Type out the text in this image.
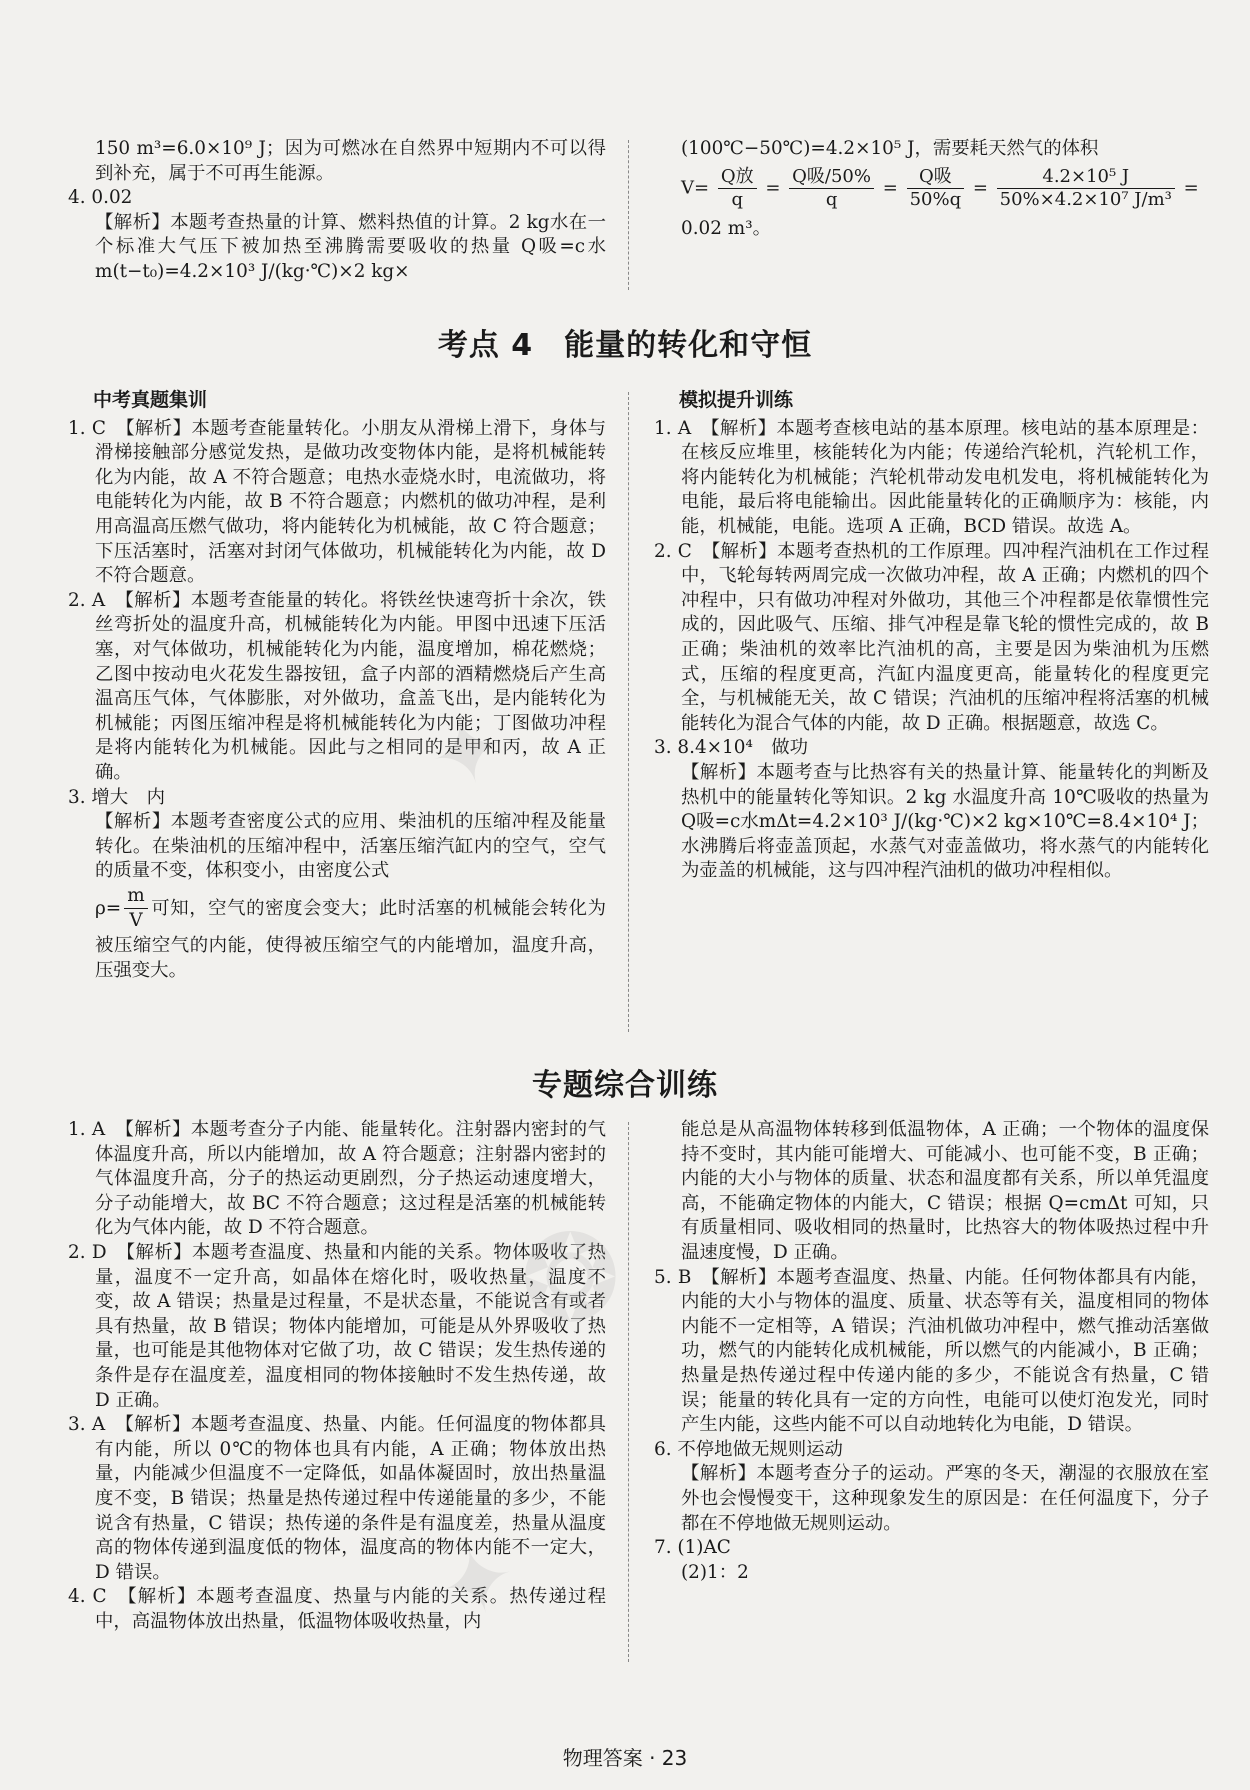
150 m³=6.0×10⁹ J；因为可燃冰在自然界中短期内不可以得到补充，属于不可再生能源。

4. 0.02

【解析】本题考查热量的计算、燃料热值的计算。2 kg水在一个标准大气压下被加热至沸腾需要吸收的热量 Q吸=c水m(t−t₀)=4.2×10³ J/(kg·℃)×2 kg×

(100℃−50℃)=4.2×10⁵ J，需要耗天然气的体积

$V= \frac{\text{Q放}}{q} = \frac{\text{Q吸/50\%}}{q} = \frac{\text{Q吸}}{50\%q} = \frac{\text{4.2×10⁵ J}}{\text{50\%×4.2×10⁷ J/m³}}$ =

0.02 m³。

考点 4　能量的转化和守恒
中考真题集训

1. C　【解析】本题考查能量转化。小朋友从滑梯上滑下，身体与滑梯接触部分感觉发热，是做功改变物体内能，是将机械能转化为内能，故 A 不符合题意；电热水壶烧水时，电流做功，将电能转化为内能，故 B 不符合题意；内燃机的做功冲程，是利用高温高压燃气做功，将内能转化为机械能，故 C 符合题意；下压活塞时，活塞对封闭气体做功，机械能转化为内能，故 D 不符合题意。

2. A　【解析】本题考查能量的转化。将铁丝快速弯折十余次，铁丝弯折处的温度升高，机械能转化为内能。甲图中迅速下压活塞，对气体做功，机械能转化为内能，温度增加，棉花燃烧；乙图中按动电火花发生器按钮，盒子内部的酒精燃烧后产生高温高压气体，气体膨胀，对外做功，盒盖飞出，是内能转化为机械能；丙图压缩冲程是将机械能转化为内能；丁图做功冲程是将内能转化为机械能。因此与之相同的是甲和丙，故 A 正确。

3. 增大　内

【解析】本题考查密度公式的应用、柴油机的压缩冲程及能量转化。在柴油机的压缩冲程中，活塞压缩汽缸内的空气，空气的质量不变，体积变小，由密度公式

$\rho= \frac{m}{V}$ 可知，空气的密度会变大；此时活塞的机械能会转化为被压缩空气的内能，使得被压缩空气的内能增加，温度升高，压强变大。

模拟提升训练

1. A　【解析】本题考查核电站的基本原理。核电站的基本原理是：在核反应堆里，核能转化为内能；传递给汽轮机，汽轮机工作，将内能转化为机械能；汽轮机带动发电机发电，将机械能转化为电能，最后将电能输出。因此能量转化的正确顺序为：核能，内能，机械能，电能。选项 A 正确，BCD 错误。故选 A。

2. C　【解析】本题考查热机的工作原理。四冲程汽油机在工作过程中，飞轮每转两周完成一次做功冲程，故 A 正确；内燃机的四个冲程中，只有做功冲程对外做功，其他三个冲程都是依靠惯性完成的，因此吸气、压缩、排气冲程是靠飞轮的惯性完成的，故 B 正确；柴油机的效率比汽油机的高，主要是因为柴油机为压燃式，压缩的程度更高，汽缸内温度更高，能量转化的程度更完全，与机械能无关，故 C 错误；汽油机的压缩冲程将活塞的机械能转化为混合气体的内能，故 D 正确。根据题意，故选 C。

3. 8.4×10⁴　做功

【解析】本题考查与比热容有关的热量计算、能量转化的判断及热机中的能量转化等知识。2 kg 水温度升高 10℃吸收的热量为 Q吸=c水mΔt=4.2×10³ J/(kg·℃)×2 kg×10℃=8.4×10⁴ J；水沸腾后将壶盖顶起，水蒸气对壶盖做功，将水蒸气的内能转化为壶盖的机械能，这与四冲程汽油机的做功冲程相似。

专题综合训练

1. A　【解析】本题考查分子内能、能量转化。注射器内密封的气体温度升高，所以内能增加，故 A 符合题意；注射器内密封的气体温度升高，分子的热运动更剧烈，分子热运动速度增大，分子动能增大，故 BC 不符合题意；这过程是活塞的机械能转化为气体内能，故 D 不符合题意。

2. D　【解析】本题考查温度、热量和内能的关系。物体吸收了热量，温度不一定升高，如晶体在熔化时，吸收热量，温度不变，故 A 错误；热量是过程量，不是状态量，不能说含有或者具有热量，故 B 错误；物体内能增加，可能是从外界吸收了热量，也可能是其他物体对它做了功，故 C 错误；发生热传递的条件是存在温度差，温度相同的物体接触时不发生热传递，故 D 正确。

3. A　【解析】本题考查温度、热量、内能。任何温度的物体都具有内能，所以 0℃的物体也具有内能，A 正确；物体放出热量，内能减少但温度不一定降低，如晶体凝固时，放出热量温度不变，B 错误；热量是热传递过程中传递能量的多少，不能说含有热量，C 错误；热传递的条件是有温度差，热量从温度高的物体传递到温度低的物体，温度高的物体内能不一定大，D 错误。

4. C　【解析】本题考查温度、热量与内能的关系。热传递过程中，高温物体放出热量，低温物体吸收热量，内

能总是从高温物体转移到低温物体，A 正确；一个物体的温度保持不变时，其内能可能增大、可能减小、也可能不变，B 正确；内能的大小与物体的质量、状态和温度都有关系，所以单凭温度高，不能确定物体的内能大，C 错误；根据 Q=cmΔt 可知，只有质量相同、吸收相同的热量时，比热容大的物体吸热过程中升温速度慢，D 正确。

5. B　【解析】本题考查温度、热量、内能。任何物体都具有内能，内能的大小与物体的温度、质量、状态等有关，温度相同的物体内能不一定相等，A 错误；汽油机做功冲程中，燃气推动活塞做功，燃气的内能转化成机械能，所以燃气的内能减小，B 正确；热量是热传递过程中传递内能的多少，不能说含有热量，C 错误；能量的转化具有一定的方向性，电能可以使灯泡发光，同时产生内能，这些内能不可以自动地转化为电能，D 错误。

6. 不停地做无规则运动

【解析】本题考查分子的运动。严寒的冬天，潮湿的衣服放在室外也会慢慢变干，这种现象发生的原因是：在任何温度下，分子都在不停地做无规则运动。

7. (1)AC

(2)1：2

✦
❂
✦
物理答案 · 23
